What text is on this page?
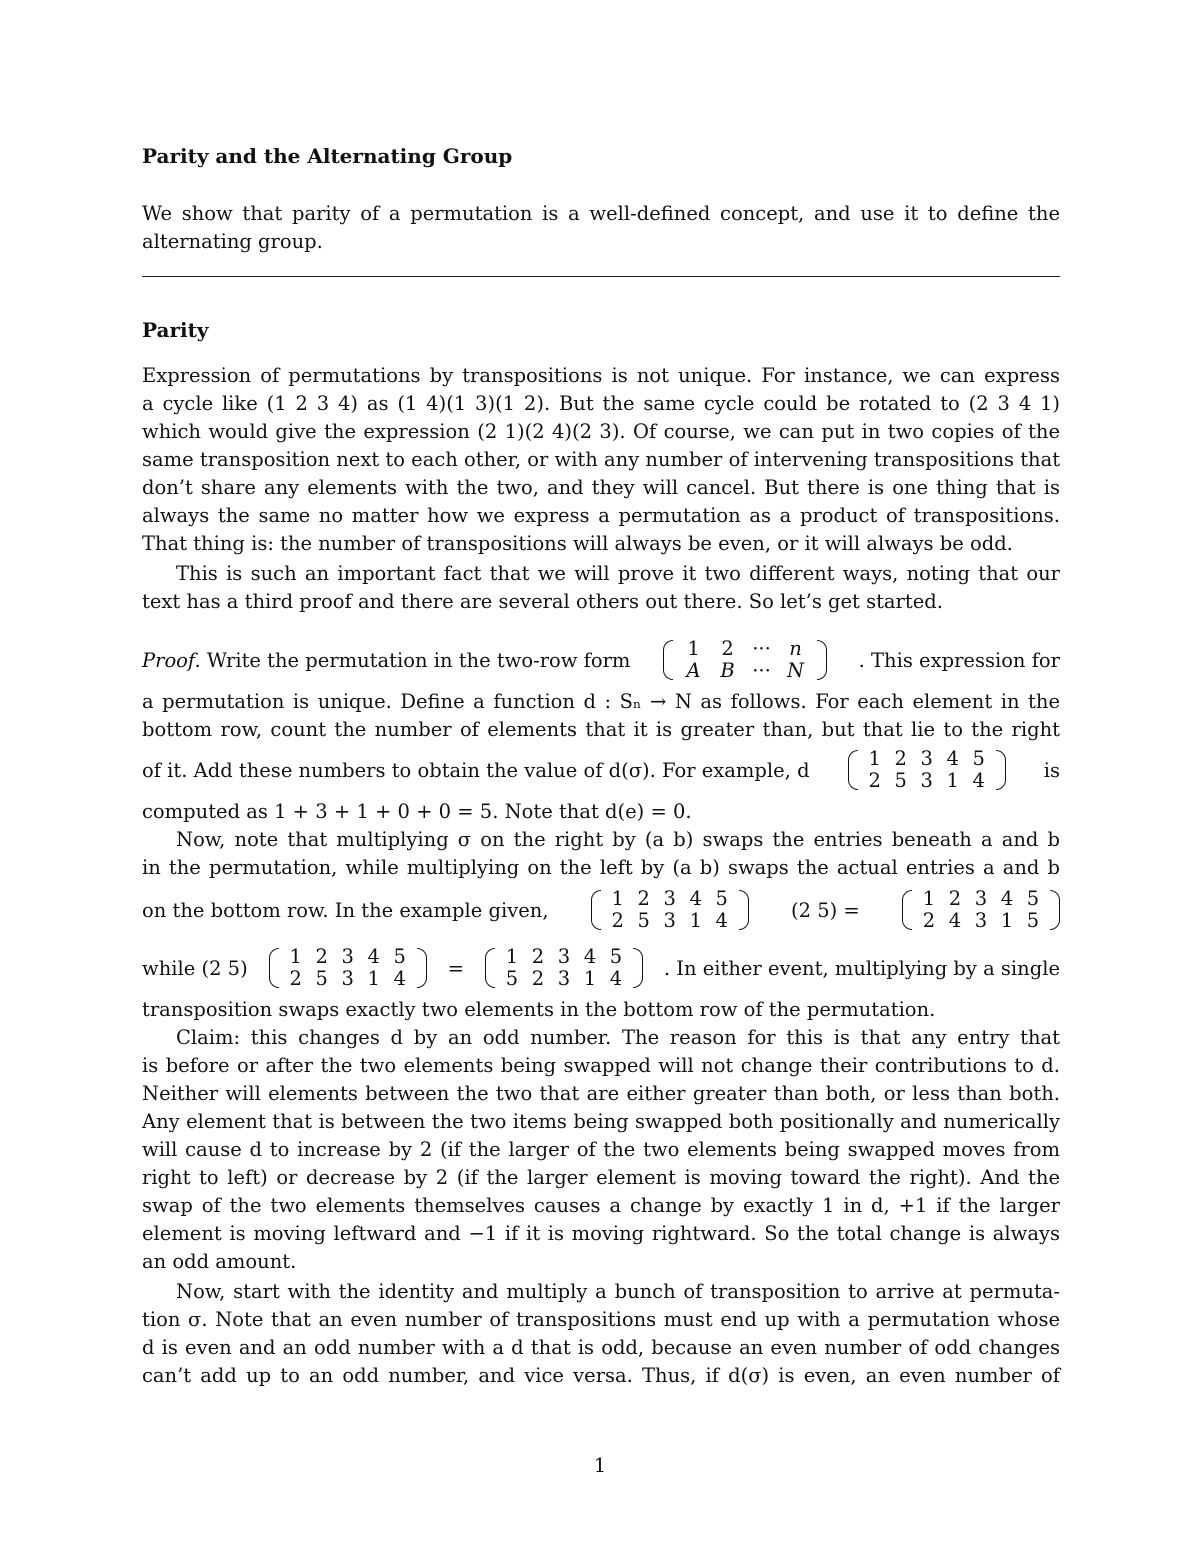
Parity and the Alternating Group
We show that parity of a permutation is a well-defined concept, and use it to define the
alternating group.
Parity
Expression of permutations by transpositions is not unique. For instance, we can express
a cycle like (1 2 3 4) as (1 4)(1 3)(1 2). But the same cycle could be rotated to (2 3 4 1)
which would give the expression (2 1)(2 4)(2 3). Of course, we can put in two copies of the
same transposition next to each other, or with any number of intervening transpositions that
don’t share any elements with the two, and they will cancel. But there is one thing that is
always the same no matter how we express a permutation as a product of transpositions.
That thing is: the number of transpositions will always be even, or it will always be odd.
This is such an important fact that we will prove it two different ways, noting that our
text has a third proof and there are several others out there. So let’s get started.
Proof. Write the permutation in the two-row form	1 2 ··· n
A B ··· N	. This expression for
a permutation is unique. Define a function d : Sₙ → N as follows. For each element in the
bottom row, count the number of elements that it is greater than, but that lie to the right
of it. Add these numbers to obtain the value of d(σ). For example, d	1 2 3 4 5
2 5 3 1 4	is
computed as 1 + 3 + 1 + 0 + 0 = 5. Note that d(e) = 0.
Now, note that multiplying σ on the right by (a b) swaps the entries beneath a and b
in the permutation, while multiplying on the left by (a b) swaps the actual entries a and b
on the bottom row. In the example given,	1 2 3 4 5
2 5 3 1 4	(2 5) =	1 2 3 4 5
2 4 3 1 5
while (2 5)	1 2 3 4 5
2 5 3 1 4	=	1 2 3 4 5
5 2 3 1 4	. In either event, multiplying by a single
transposition swaps exactly two elements in the bottom row of the permutation.
Claim: this changes d by an odd number. The reason for this is that any entry that
is before or after the two elements being swapped will not change their contributions to d.
Neither will elements between the two that are either greater than both, or less than both.
Any element that is between the two items being swapped both positionally and numerically
will cause d to increase by 2 (if the larger of the two elements being swapped moves from
right to left) or decrease by 2 (if the larger element is moving toward the right). And the
swap of the two elements themselves causes a change by exactly 1 in d, +1 if the larger
element is moving leftward and −1 if it is moving rightward. So the total change is always
an odd amount.
Now, start with the identity and multiply a bunch of transposition to arrive at permuta-
tion σ. Note that an even number of transpositions must end up with a permutation whose
d is even and an odd number with a d that is odd, because an even number of odd changes
can’t add up to an odd number, and vice versa. Thus, if d(σ) is even, an even number of
1
